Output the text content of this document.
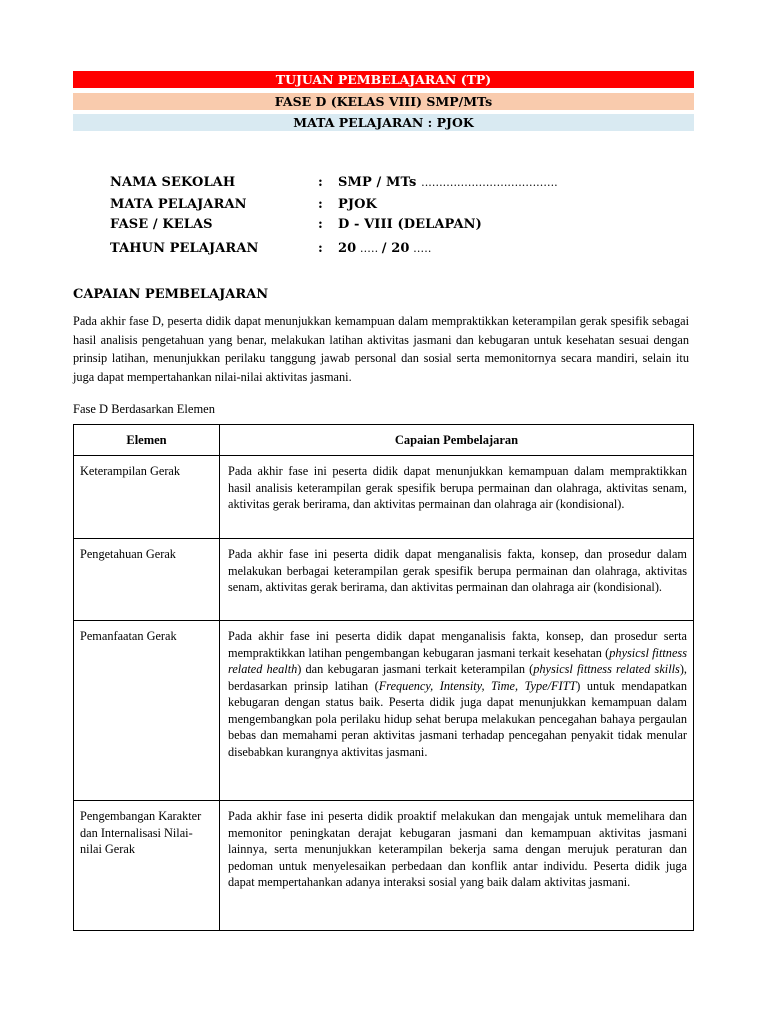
TUJUAN PEMBELAJARAN (TP)
FASE D (KELAS VIII) SMP/MTs
MATA PELAJARAN : PJOK
NAMA SEKOLAH	: SMP / MTs ......................................
MATA PELAJARAN	: PJOK
FASE / KELAS	: D - VIII (DELAPAN)
TAHUN PELAJARAN	: 20 ….. / 20 …..
CAPAIAN PEMBELAJARAN
Pada akhir fase D, peserta didik dapat menunjukkan kemampuan dalam mempraktikkan keterampilan gerak spesifik sebagai hasil analisis pengetahuan yang benar, melakukan latihan aktivitas jasmani dan kebugaran untuk kesehatan sesuai dengan prinsip latihan, menunjukkan perilaku tanggung jawab personal dan sosial serta memonitornya secara mandiri, selain itu juga dapat mempertahankan nilai-nilai aktivitas jasmani.
Fase D Berdasarkan Elemen
Elemen	Capaian Pembelajaran
Keterampilan Gerak	Pada akhir fase ini peserta didik dapat menunjukkan kemampuan dalam mempraktikkan hasil analisis keterampilan gerak spesifik berupa permainan dan olahraga, aktivitas senam, aktivitas gerak berirama, dan aktivitas permainan dan olahraga air (kondisional).
Pengetahuan Gerak	Pada akhir fase ini peserta didik dapat menganalisis fakta, konsep, dan prosedur dalam melakukan berbagai keterampilan gerak spesifik berupa permainan dan olahraga, aktivitas senam, aktivitas gerak berirama, dan aktivitas permainan dan olahraga air (kondisional).
Pemanfaatan Gerak	Pada akhir fase ini peserta didik dapat menganalisis fakta, konsep, dan prosedur serta mempraktikkan latihan pengembangan kebugaran jasmani terkait kesehatan (physicsl fittness related health) dan kebugaran jasmani terkait keterampilan (physicsl fittness related skills), berdasarkan prinsip latihan (Frequency, Intensity, Time, Type/FITT) untuk mendapatkan kebugaran dengan status baik. Peserta didik juga dapat menunjukkan kemampuan dalam mengembangkan pola perilaku hidup sehat berupa melakukan pencegahan bahaya pergaulan bebas dan memahami peran aktivitas jasmani terhadap pencegahan penyakit tidak menular disebabkan kurangnya aktivitas jasmani.
Pengembangan Karakter dan Internalisasi Nilai-nilai Gerak	Pada akhir fase ini peserta didik proaktif melakukan dan mengajak untuk memelihara dan memonitor peningkatan derajat kebugaran jasmani dan kemampuan aktivitas jasmani lainnya, serta menunjukkan keterampilan bekerja sama dengan merujuk peraturan dan pedoman untuk menyelesaikan perbedaan dan konflik antar individu. Peserta didik juga dapat mempertahankan adanya interaksi sosial yang baik dalam aktivitas jasmani.
